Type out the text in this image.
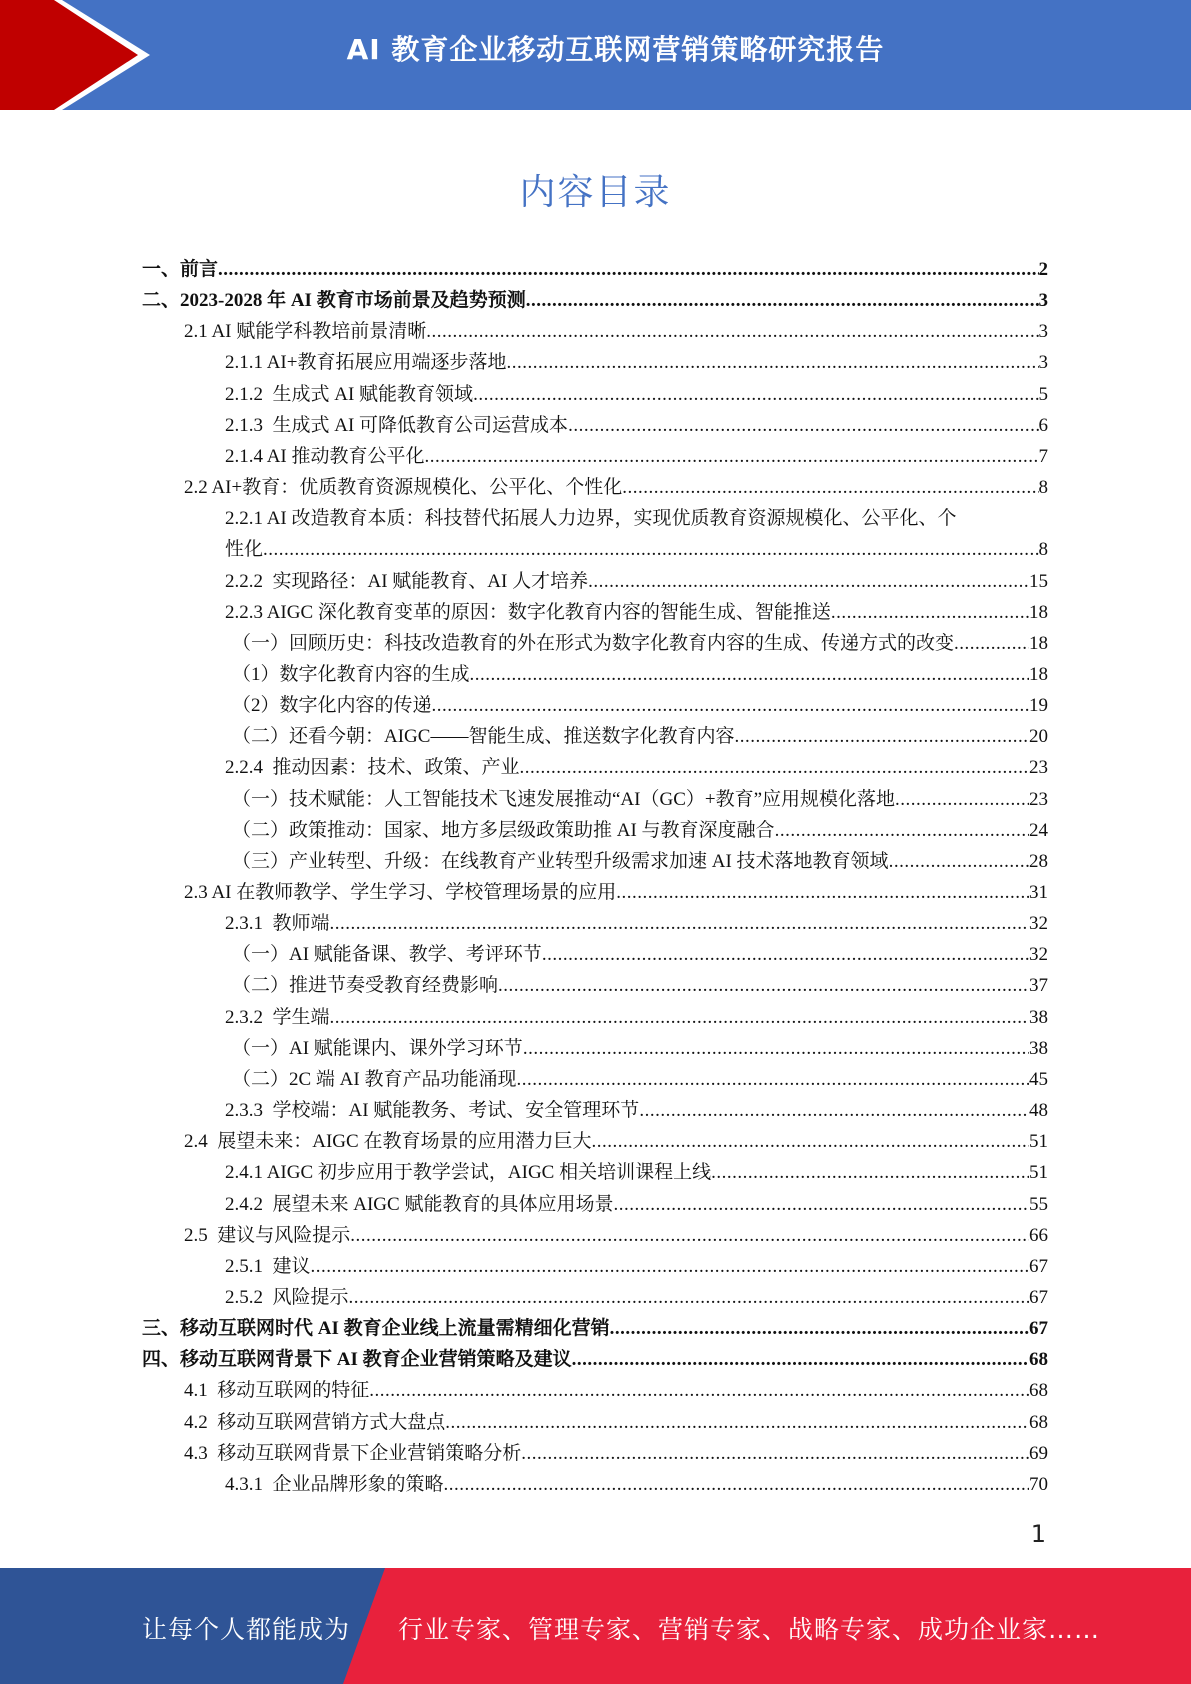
AI 教育企业移动互联网营销策略研究报告
内容目录
一、前言 .....	2
二、2023-2028 年 AI 教育市场前景及趋势预测 .....	3
2.1 AI 赋能学科教培前景清晰 .....	3
2.1.1 AI+教育拓展应用端逐步落地 .....	3
2.1.2  生成式 AI 赋能教育领域 .....	5
2.1.3  生成式 AI 可降低教育公司运营成本 .....	6
2.1.4 AI 推动教育公平化 .....	7
2.2 AI+教育：优质教育资源规模化、公平化、个性化 .....	8
2.2.1 AI 改造教育本质：科技替代拓展人力边界，实现优质教育资源规模化、公平化、个
性化 .....	8
2.2.2  实现路径：AI 赋能教育、AI 人才培养 .....	15
2.2.3 AIGC 深化教育变革的原因：数字化教育内容的智能生成、智能推送 .....	18
（一）回顾历史：科技改造教育的外在形式为数字化教育内容的生成、传递方式的改变 .....	18
（1）数字化教育内容的生成 .....	18
（2）数字化内容的传递 .....	19
（二）还看今朝：AIGC——智能生成、推送数字化教育内容 .....	20
2.2.4  推动因素：技术、政策、产业 .....	23
（一）技术赋能：人工智能技术飞速发展推动“AI（GC）+教育”应用规模化落地 .....	23
（二）政策推动：国家、地方多层级政策助推 AI 与教育深度融合 .....	24
（三）产业转型、升级：在线教育产业转型升级需求加速 AI 技术落地教育领域 .....	28
2.3 AI 在教师教学、学生学习、学校管理场景的应用 .....	31
2.3.1  教师端 .....	32
（一）AI 赋能备课、教学、考评环节 .....	32
（二）推进节奏受教育经费影响 .....	37
2.3.2  学生端 .....	38
（一）AI 赋能课内、课外学习环节 .....	38
（二）2C 端 AI 教育产品功能涌现 .....	45
2.3.3  学校端：AI 赋能教务、考试、安全管理环节 .....	48
2.4  展望未来：AIGC 在教育场景的应用潜力巨大 .....	51
2.4.1 AIGC 初步应用于教学尝试，AIGC 相关培训课程上线 .....	51
2.4.2  展望未来 AIGC 赋能教育的具体应用场景 .....	55
2.5  建议与风险提示 .....	66
2.5.1  建议 .....	67
2.5.2  风险提示 .....	67
三、移动互联网时代 AI 教育企业线上流量需精细化营销 .....	67
四、移动互联网背景下 AI 教育企业营销策略及建议 .....	68
4.1  移动互联网的特征 .....	68
4.2  移动互联网营销方式大盘点 .....	68
4.3  移动互联网背景下企业营销策略分析 .....	69
4.3.1  企业品牌形象的策略 .....	70
1
让每个人都能成为 行业专家、管理专家、营销专家、战略专家、成功企业家……
